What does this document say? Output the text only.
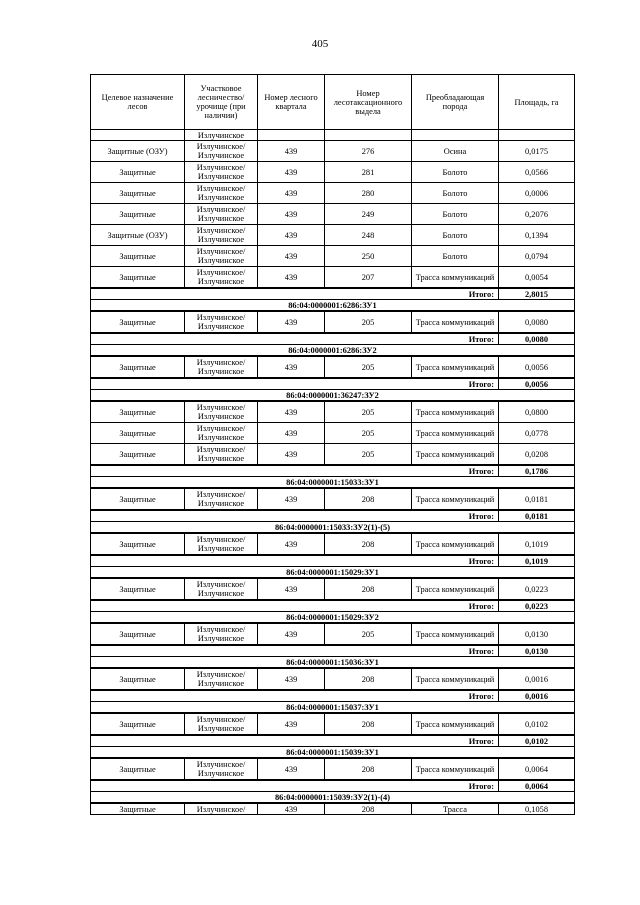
405
Целевое назначение лесов	Участковое лесничество/ урочище (при наличии)	Номер лесного квартала	Номер лесотаксационного выдела	Преобладающая порода	Площадь, га
	Излучинское				
Защитные (ОЗУ)	Излучинское/ Излучинское	439	276	Осина	0,0175
Защитные	Излучинское/ Излучинское	439	281	Болото	0,0566
Защитные	Излучинское/ Излучинское	439	280	Болото	0,0006
Защитные	Излучинское/ Излучинское	439	249	Болото	0,2076
Защитные (ОЗУ)	Излучинское/ Излучинское	439	248	Болото	0,1394
Защитные	Излучинское/ Излучинское	439	250	Болото	0,0794
Защитные	Излучинское/ Излучинское	439	207	Трасса коммуникаций	0,0054
Итого:					2,8015
86:04:0000001:6286:ЗУ1					
Защитные	Излучинское/ Излучинское	439	205	Трасса коммуникаций	0,0080
Итого:					0,0080
86:04:0000001:6286:ЗУ2					
Защитные	Излучинское/ Излучинское	439	205	Трасса коммуникаций	0,0056
Итого:					0,0056
86:04:0000001:36247:ЗУ2					
Защитные	Излучинское/ Излучинское	439	205	Трасса коммуникаций	0,0800
Защитные	Излучинское/ Излучинское	439	205	Трасса коммуникаций	0,0778
Защитные	Излучинское/ Излучинское	439	205	Трасса коммуникаций	0,0208
Итого:					0,1786
86:04:0000001:15033:ЗУ1					
Защитные	Излучинское/ Излучинское	439	208	Трасса коммуникаций	0,0181
Итого:					0,0181
86:04:0000001:15033:ЗУ2(1)-(5)					
Защитные	Излучинское/ Излучинское	439	208	Трасса коммуникаций	0,1019
Итого:					0,1019
86:04:0000001:15029:ЗУ1					
Защитные	Излучинское/ Излучинское	439	208	Трасса коммуникаций	0,0223
Итого:					0,0223
86:04:0000001:15029:ЗУ2					
Защитные	Излучинское/ Излучинское	439	205	Трасса коммуникаций	0,0130
Итого:					0,0130
86:04:0000001:15036:ЗУ1					
Защитные	Излучинское/ Излучинское	439	208	Трасса коммуникаций	0,0016
Итого:					0,0016
86:04:0000001:15037:ЗУ1					
Защитные	Излучинское/ Излучинское	439	208	Трасса коммуникаций	0,0102
Итого:					0,0102
86:04:0000001:15039:ЗУ1					
Защитные	Излучинское/ Излучинское	439	208	Трасса коммуникаций	0,0064
Итого:					0,0064
86:04:0000001:15039:ЗУ2(1)-(4)					
Защитные	Излучинское/	439	208	Трасса	0,1058
